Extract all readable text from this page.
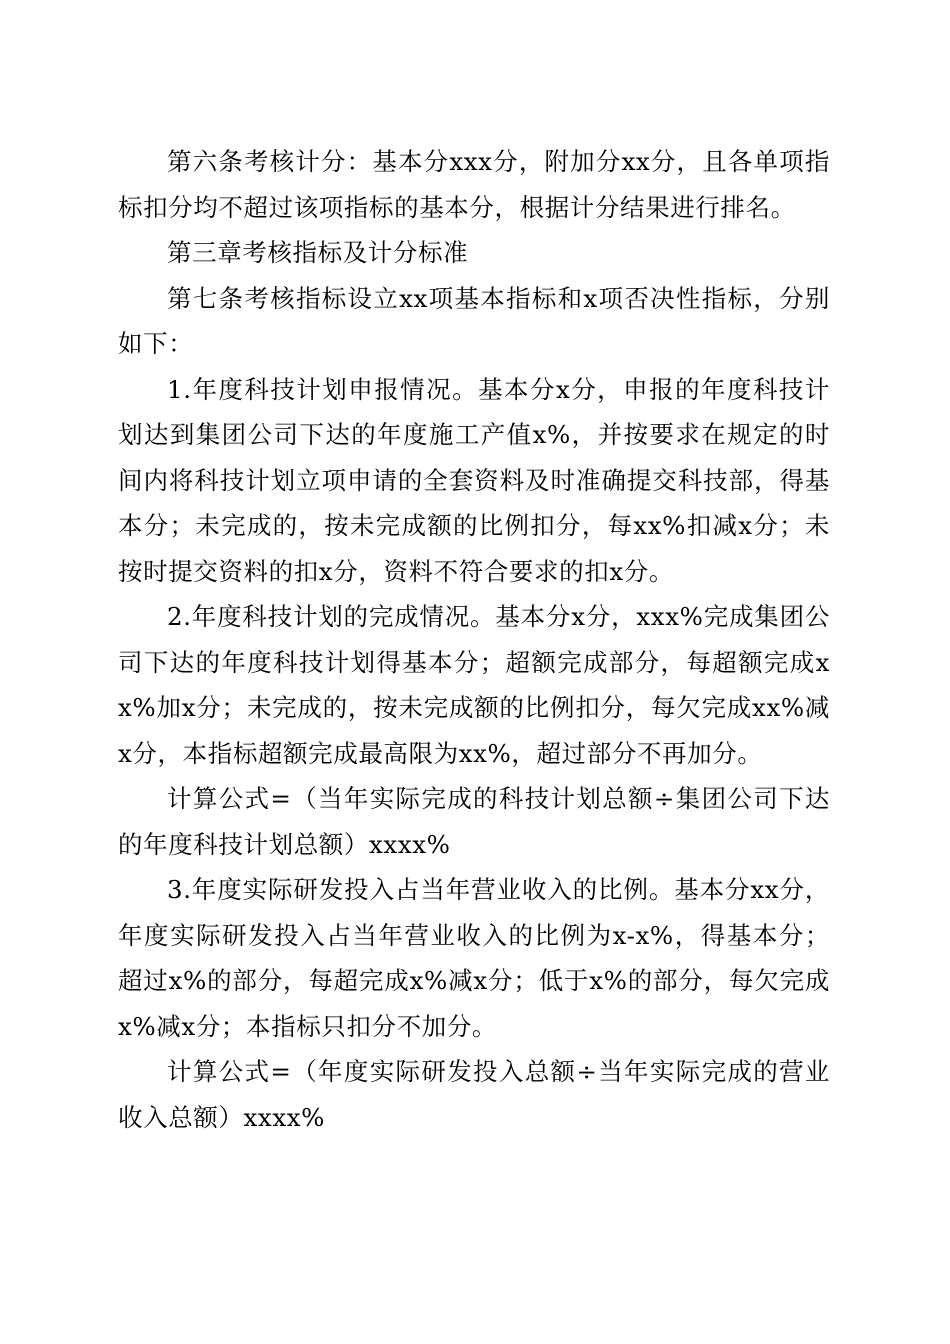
第六条考核计分：基本分xxx分，附加分xx分，且各单项指标扣分均不超过该项指标的基本分，根据计分结果进行排名。

第三章考核指标及计分标准

第七条考核指标设立xx项基本指标和x项否决性指标，分别如下：

1.年度科技计划申报情况。基本分x分，申报的年度科技计划达到集团公司下达的年度施工产值x%，并按要求在规定的时间内将科技计划立项申请的全套资料及时准确提交科技部，得基本分；未完成的，按未完成额的比例扣分，每xx%扣减x分；未按时提交资料的扣x分，资料不符合要求的扣x分。

2.年度科技计划的完成情况。基本分x分，xxx%完成集团公司下达的年度科技计划得基本分；超额完成部分，每超额完成xx%加x分；未完成的，按未完成额的比例扣分，每欠完成xx%减x分，本指标超额完成最高限为xx%，超过部分不再加分。

计算公式=（当年实际完成的科技计划总额÷集团公司下达的年度科技计划总额）xxxx%

3.年度实际研发投入占当年营业收入的比例。基本分xx分，年度实际研发投入占当年营业收入的比例为x-x%，得基本分；超过x%的部分，每超完成x%减x分；低于x%的部分，每欠完成x%减x分；本指标只扣分不加分。

计算公式=（年度实际研发投入总额÷当年实际完成的营业收入总额）xxxx%
